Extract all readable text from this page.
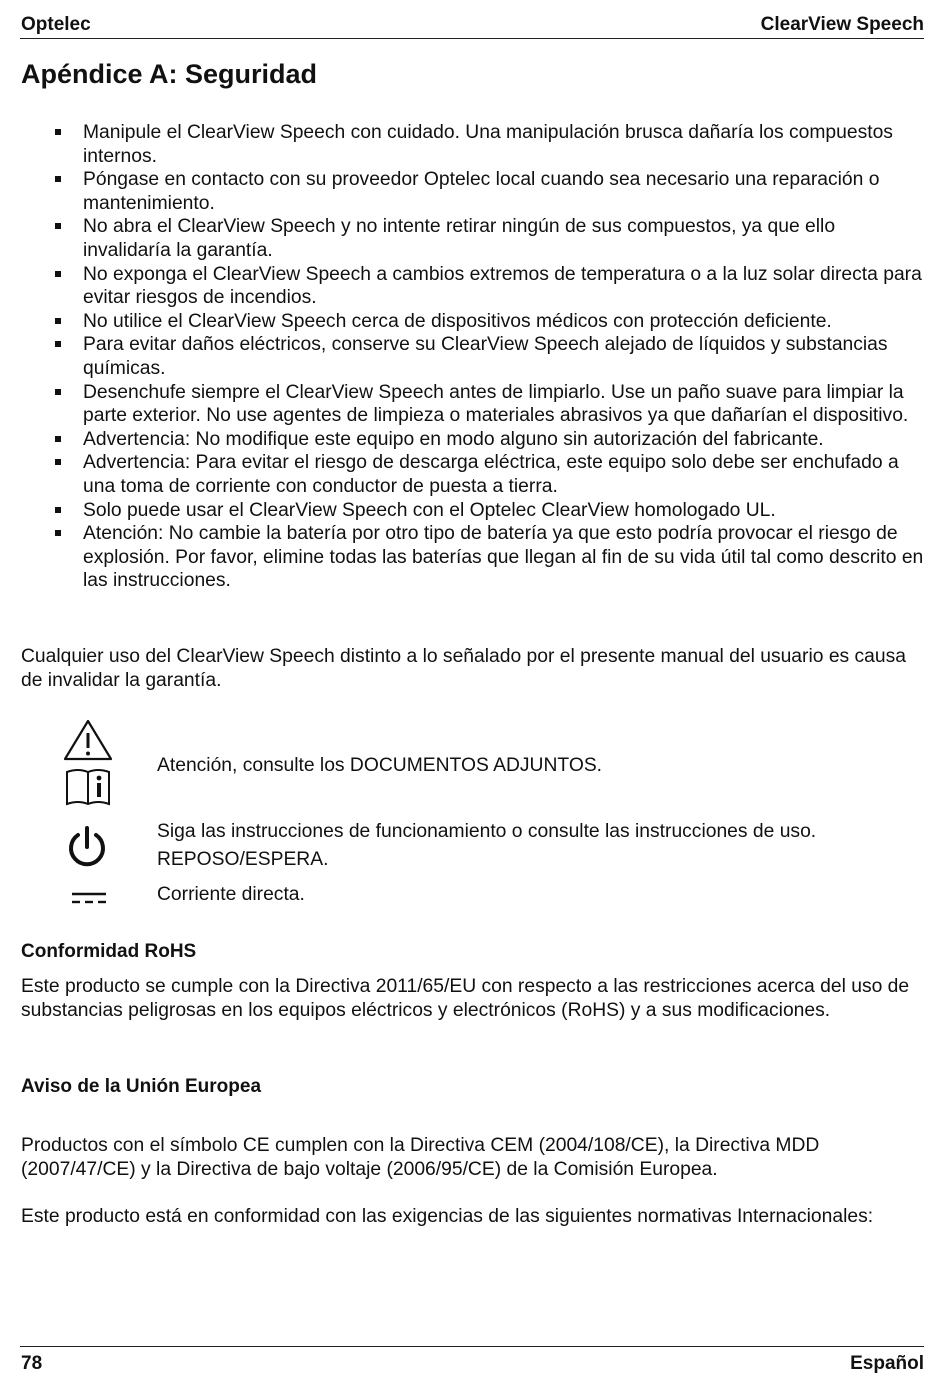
Optelec	ClearView Speech
Apéndice A: Seguridad
Manipule el ClearView Speech con cuidado. Una manipulación brusca dañaría los compuestos internos.
Póngase en contacto con su proveedor Optelec local cuando sea necesario una reparación o mantenimiento.
No abra el ClearView Speech y no intente retirar ningún de sus compuestos, ya que ello invalidaría la garantía.
No exponga el ClearView Speech a cambios extremos de temperatura o a la luz solar directa para evitar riesgos de incendios.
No utilice el ClearView Speech cerca de dispositivos médicos con protección deficiente.
Para evitar daños eléctricos, conserve su ClearView Speech alejado de líquidos y substancias químicas.
Desenchufe siempre el ClearView Speech antes de limpiarlo. Use un paño suave para limpiar la parte exterior. No use agentes de limpieza o materiales abrasivos ya que dañarían el dispositivo.
Advertencia: No modifique este equipo en modo alguno sin autorización del fabricante.
Advertencia: Para evitar el riesgo de descarga eléctrica, este equipo solo debe ser enchufado a una toma de corriente con conductor de puesta a tierra.
Solo puede usar el ClearView Speech con el Optelec ClearView homologado UL.
Atención: No cambie la batería por otro tipo de batería ya que esto podría provocar el riesgo de explosión. Por favor, elimine todas las baterías que llegan al fin de su vida útil tal como descrito en las instrucciones.

Cualquier uso del ClearView Speech distinto a lo señalado por el presente manual del usuario es causa de invalidar la garantía.

Atención, consulte los DOCUMENTOS ADJUNTOS.
Siga las instrucciones de funcionamiento o consulte las instrucciones de uso.
REPOSO/ESPERA.
Corriente directa.
Conformidad RoHS

Este producto se cumple con la Directiva 2011/65/EU con respecto a las restricciones acerca del uso de substancias peligrosas en los equipos eléctricos y electrónicos (RoHS) y a sus modificaciones.

Aviso de la Unión Europea

Productos con el símbolo CE cumplen con la Directiva CEM (2004/108/CE), la Directiva MDD (2007/47/CE) y la Directiva de bajo voltaje (2006/95/CE) de la Comisión Europea.

Este producto está en conformidad con las exigencias de las siguientes normativas Internacionales:

78	Español
